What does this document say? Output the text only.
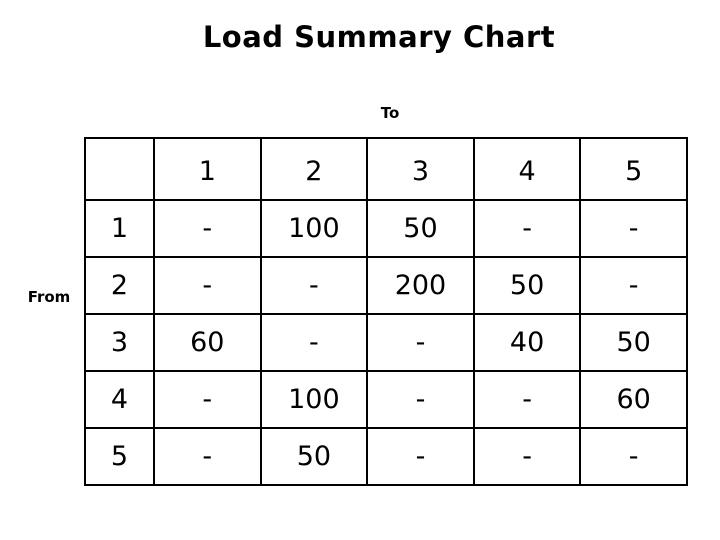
Load Summary Chart
To
From
	1	2	3	4	5
1	-	100	50	-	-
2	-	-	200	50	-
3	60	-	-	40	50
4	-	100	-	-	60
5	-	50	-	-	-
